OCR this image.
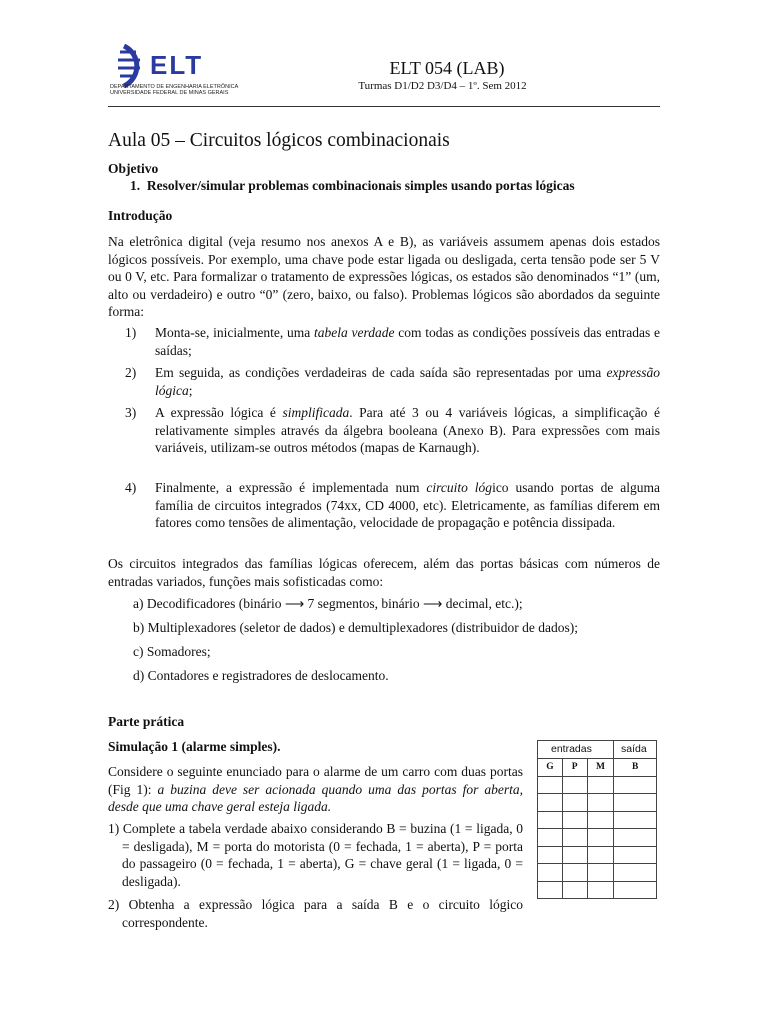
ELT
DEPARTAMENTO DE ENGENHARIA ELETRÔNICA
UNIVERSIDADE FEDERAL DE MINAS GERAIS
ELT 054 (LAB)
Turmas D1/D2 D3/D4 – 1º. Sem 2012
Aula 05 – Circuitos lógicos combinacionais
Objetivo
1. Resolver/simular problemas combinacionais simples usando portas lógicas
Introdução
Na eletrônica digital (veja resumo nos anexos A e B), as variáveis assumem apenas dois estados lógicos possíveis. Por exemplo, uma chave pode estar ligada ou desligada, certa tensão pode ser 5 V ou 0 V, etc. Para formalizar o tratamento de expressões lógicas, os estados são denominados “1” (um, alto ou verdadeiro) e outro “0” (zero, baixo, ou falso). Problemas lógicos são abordados da seguinte forma:
1) Monta-se, inicialmente, uma tabela verdade com todas as condições possíveis das entradas e saídas;
2) Em seguida, as condições verdadeiras de cada saída são representadas por uma expressão lógica;
3) A expressão lógica é simplificada. Para até 3 ou 4 variáveis lógicas, a simplificação é relativamente simples através da álgebra booleana (Anexo B). Para expressões com mais variáveis, utilizam-se outros métodos (mapas de Karnaugh).
4) Finalmente, a expressão é implementada num circuito lógico usando portas de alguma família de circuitos integrados (74xx, CD 4000, etc). Eletricamente, as famílias diferem em fatores como tensões de alimentação, velocidade de propagação e potência dissipada.
Os circuitos integrados das famílias lógicas oferecem, além das portas básicas com números de entradas variados, funções mais sofisticadas como:
a) Decodificadores (binário ⟶ 7 segmentos, binário ⟶ decimal, etc.);
b) Multiplexadores (seletor de dados) e demultiplexadores (distribuidor de dados);
c) Somadores;
d) Contadores e registradores de deslocamento.
Parte prática
Simulação 1 (alarme simples).
Considere o seguinte enunciado para o alarme de um carro com duas portas (Fig 1): a buzina deve ser acionada quando uma das portas for aberta, desde que uma chave geral esteja ligada.
1) Complete a tabela verdade abaixo considerando B = buzina (1 = ligada, 0 = desligada), M = porta do motorista (0 = fechada, 1 = aberta), P = porta do passageiro (0 = fechada, 1 = aberta), G = chave geral (1 = ligada, 0 = desligada).
2) Obtenha a expressão lógica para a saída B e o circuito lógico correspondente.
entradas	saída
G	P	M	B
